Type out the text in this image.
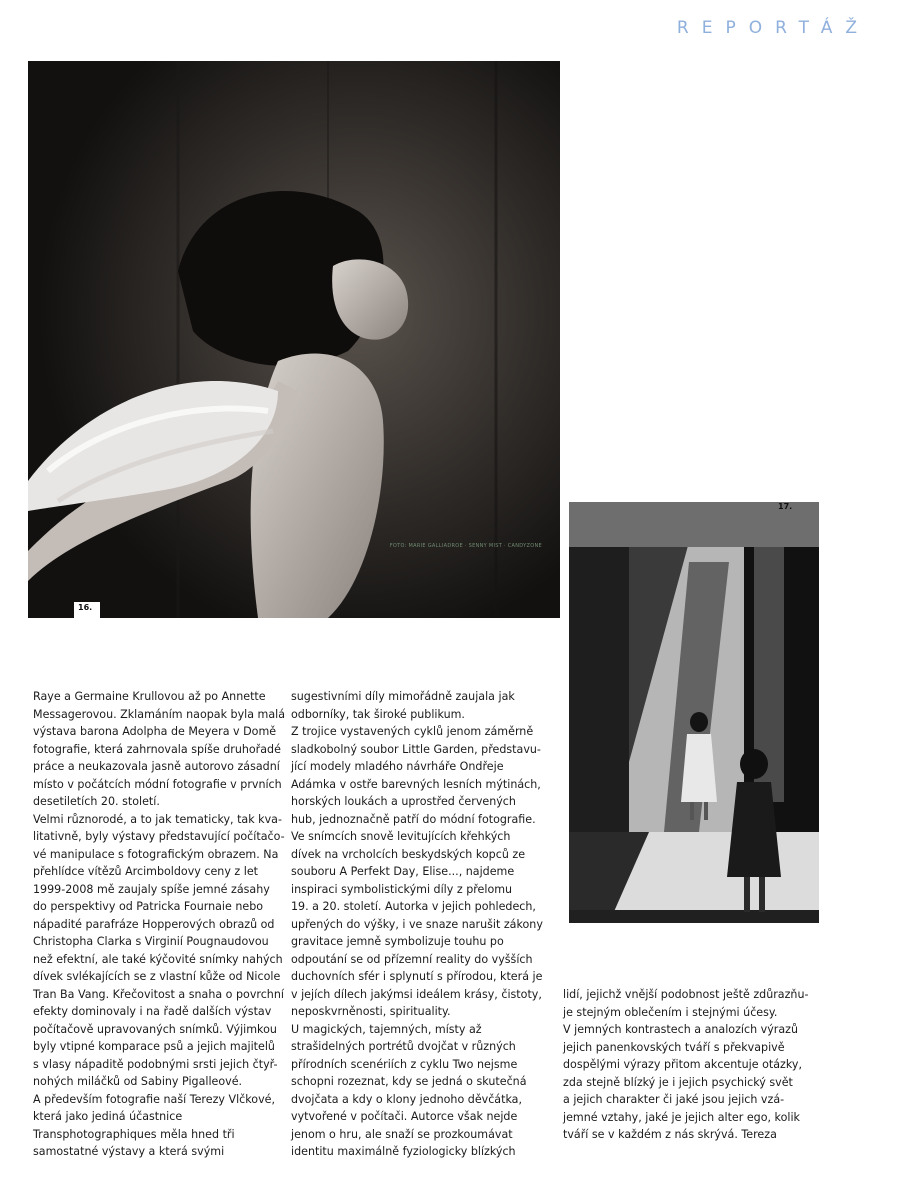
REPORTÁŽ
FOTO: MARIE GALLIADROE · SENNY MIST · CANDYZONE
16.
17.

Raye a Germaine Krullovou až po Annette

Messagerovou. Zklamáním naopak byla malá

výstava barona Adolpha de Meyera v Domě

fotografie, která zahrnovala spíše druhořadé

práce a neukazovala jasně autorovo zásadní

místo v počátcích módní fotografie v prvních

desetiletích 20. století.

Velmi různorodé, a to jak tematicky, tak kva-

litativně, byly výstavy představující počítačo-

vé manipulace s fotografickým obrazem. Na

přehlídce vítězů Arcimboldovy ceny z let

1999-2008 mě zaujaly spíše jemné zásahy

do perspektivy od Patricka Fournaie nebo

nápadité parafráze Hopperových obrazů od

Christopha Clarka s Virginií Pougnaudovou

než efektní, ale také kýčovité snímky nahých

dívek svlékajících se z vlastní kůže od Nicole

Tran Ba Vang. Křečovitost a snaha o povrchní

efekty dominovaly i na řadě dalších výstav

počítačově upravovaných snímků. Výjimkou

byly vtipné komparace psů a jejich majitelů

s vlasy nápaditě podobnými srsti jejich čtyř-

nohých miláčků od Sabiny Pigalleové.

A především fotografie naší Terezy Vlčkové,

která jako jediná účastnice

Transphotographiques měla hned tři

samostatné výstavy a která svými

sugestivními díly mimořádně zaujala jak

odborníky, tak široké publikum.

Z trojice vystavených cyklů jenom záměrně

sladkobolný soubor Little Garden, představu-

jící modely mladého návrháře Ondřeje

Adámka v ostře barevných lesních mýtinách,

horských loukách a uprostřed červených

hub, jednoznačně patří do módní fotografie.

Ve snímcích snově levitujících křehkých

dívek na vrcholcích beskydských kopců ze

souboru A Perfekt Day, Elise..., najdeme

inspiraci symbolistickými díly z přelomu

19. a 20. století. Autorka v jejich pohledech,

upřených do výšky, i ve snaze narušit zákony

gravitace jemně symbolizuje touhu po

odpoutání se od přízemní reality do vyšších

duchovních sfér i splynutí s přírodou, která je

v jejích dílech jakýmsi ideálem krásy, čistoty,

neposkvrněnosti, spirituality.

U magických, tajemných, místy až

strašidelných portrétů dvojčat v různých

přírodních scenériích z cyklu Two nejsme

schopni rozeznat, kdy se jedná o skutečná

dvojčata a kdy o klony jednoho děvčátka,

vytvořené v počítači. Autorce však nejde

jenom o hru, ale snaží se prozkoumávat

identitu maximálně fyziologicky blízkých

lidí, jejichž vnější podobnost ještě zdůrazňu-

je stejným oblečením i stejnými účesy.

V jemných kontrastech a analozích výrazů

jejich panenkovských tváří s překvapivě

dospělými výrazy přitom akcentuje otázky,

zda stejně blízký je i jejich psychický svět

a jejich charakter či jaké jsou jejich vzá-

jemné vztahy, jaké je jejich alter ego, kolik

tváří se v každém z nás skrývá. Tereza
